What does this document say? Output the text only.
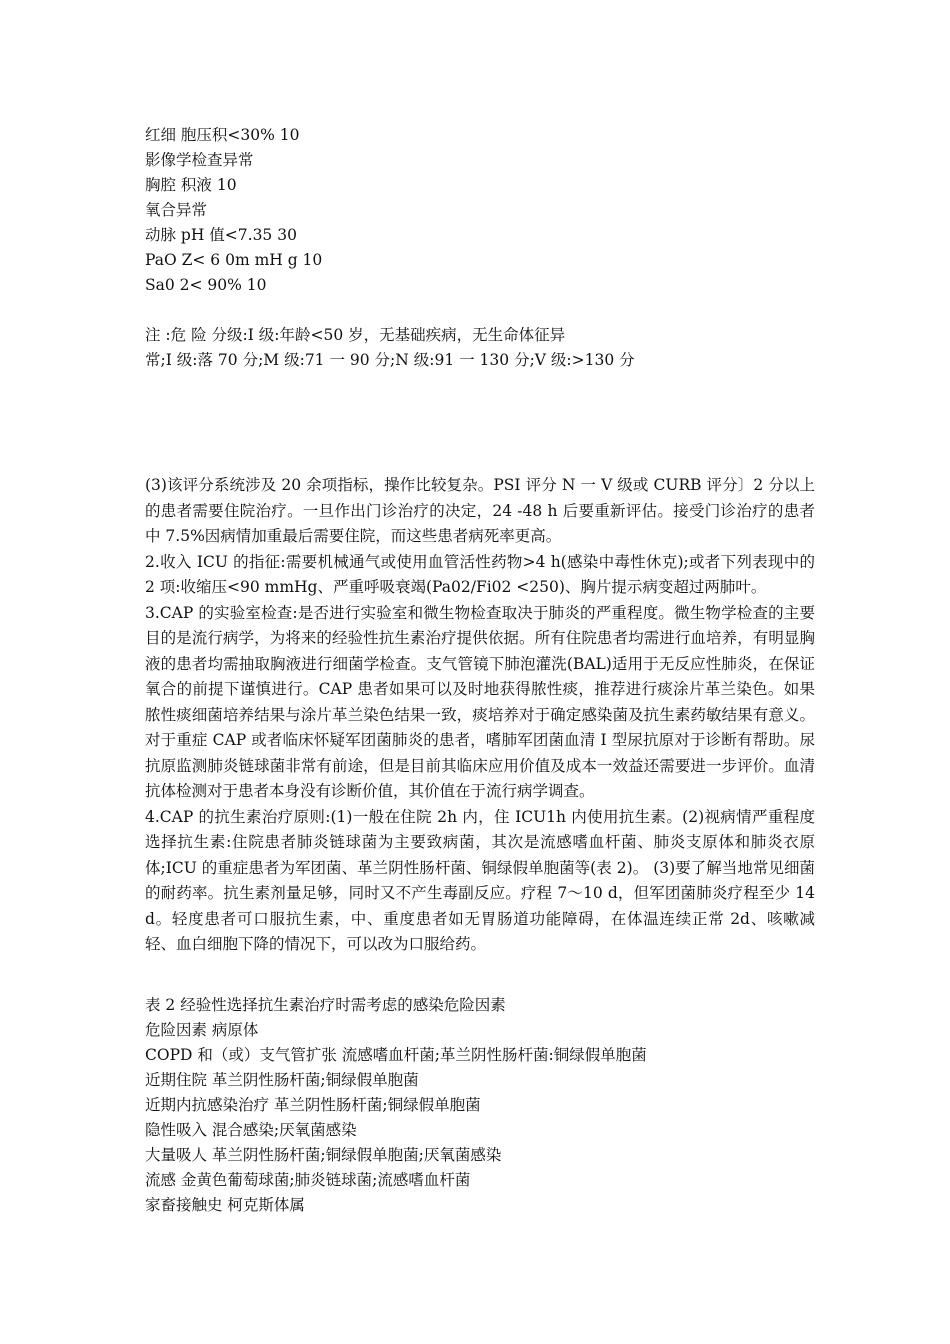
红细 胞压积<30% 10
影像学检查异常
胸腔 积液 10
氧合异常
动脉 pH 值<7.35 30
PaO Z< 6 0m mH g 10
Sa0 2< 90% 10
注 :危 险 分级:I 级:年龄<50 岁，无基础疾病，无生命体征异
常;I 级:落 70 分;M 级:71 一 90 分;N 级:91 一 130 分;V 级:>130 分
(3)该评分系统涉及 20 余项指标，操作比较复杂。PSI 评分 N 一 V 级或 CURB 评分〕2 分以上的患者需要住院治疗。一旦作出门诊治疗的决定，24 -48 h 后要重新评估。接受门诊治疗的患者中 7.5%因病情加重最后需要住院，而这些患者病死率更高。
2.收入 ICU 的指征:需要机械通气或使用血管活性药物>4 h(感染中毒性休克);或者下列表现中的 2 项:收缩压<90 mmHg、严重呼吸衰竭(Pa02/Fi02 <250)、胸片提示病变超过两肺叶。
3.CAP 的实验室检查:是否进行实验室和微生物检查取决于肺炎的严重程度。微生物学检查的主要目的是流行病学，为将来的经验性抗生素治疗提供依据。所有住院患者均需进行血培养，有明显胸液的患者均需抽取胸液进行细菌学检查。支气管镜下肺泡灌洗(BAL)适用于无反应性肺炎，在保证氧合的前提下谨慎进行。CAP 患者如果可以及时地获得脓性痰，推荐进行痰涂片革兰染色。如果脓性痰细菌培养结果与涂片革兰染色结果一致，痰培养对于确定感染菌及抗生素药敏结果有意义。对于重症 CAP 或者临床怀疑军团菌肺炎的患者，嗜肺军团菌血清 I 型尿抗原对于诊断有帮助。尿抗原监测肺炎链球菌非常有前途，但是目前其临床应用价值及成本一效益还需要进一步评价。血清抗体检测对于患者本身没有诊断价值，其价值在于流行病学调查。
4.CAP 的抗生素治疗原则:(1)一般在住院 2h 内，住 ICU1h 内使用抗生素。(2)视病情严重程度选择抗生素:住院患者肺炎链球菌为主要致病菌，其次是流感嗜血杆菌、肺炎支原体和肺炎衣原体;ICU 的重症患者为军团菌、革兰阴性肠杆菌、铜绿假单胞菌等(表 2)。 (3)要了解当地常见细菌的耐药率。抗生素剂量足够，同时又不产生毒副反应。疗程 7～10 d，但军团菌肺炎疗程至少 14 d。轻度患者可口服抗生素，中、重度患者如无胃肠道功能障碍，在体温连续正常 2d、咳嗽减轻、血白细胞下降的情况下，可以改为口服给药。
表 2 经验性选择抗生素治疗时需考虑的感染危险因素
危险因素 病原体
COPD 和（或）支气管扩张 流感嗜血杆菌;革兰阴性肠杆菌:铜绿假单胞菌
近期住院 革兰阴性肠杆菌;铜绿假单胞菌
近期内抗感染治疗 革兰阴性肠杆菌;铜绿假单胞菌
隐性吸入 混合感染;厌氧菌感染
大量吸人 革兰阴性肠杆菌;铜绿假单胞菌;厌氧菌感染
流感 金黄色葡萄球菌;肺炎链球菌;流感嗜血杆菌
家畜接触史 柯克斯体属
